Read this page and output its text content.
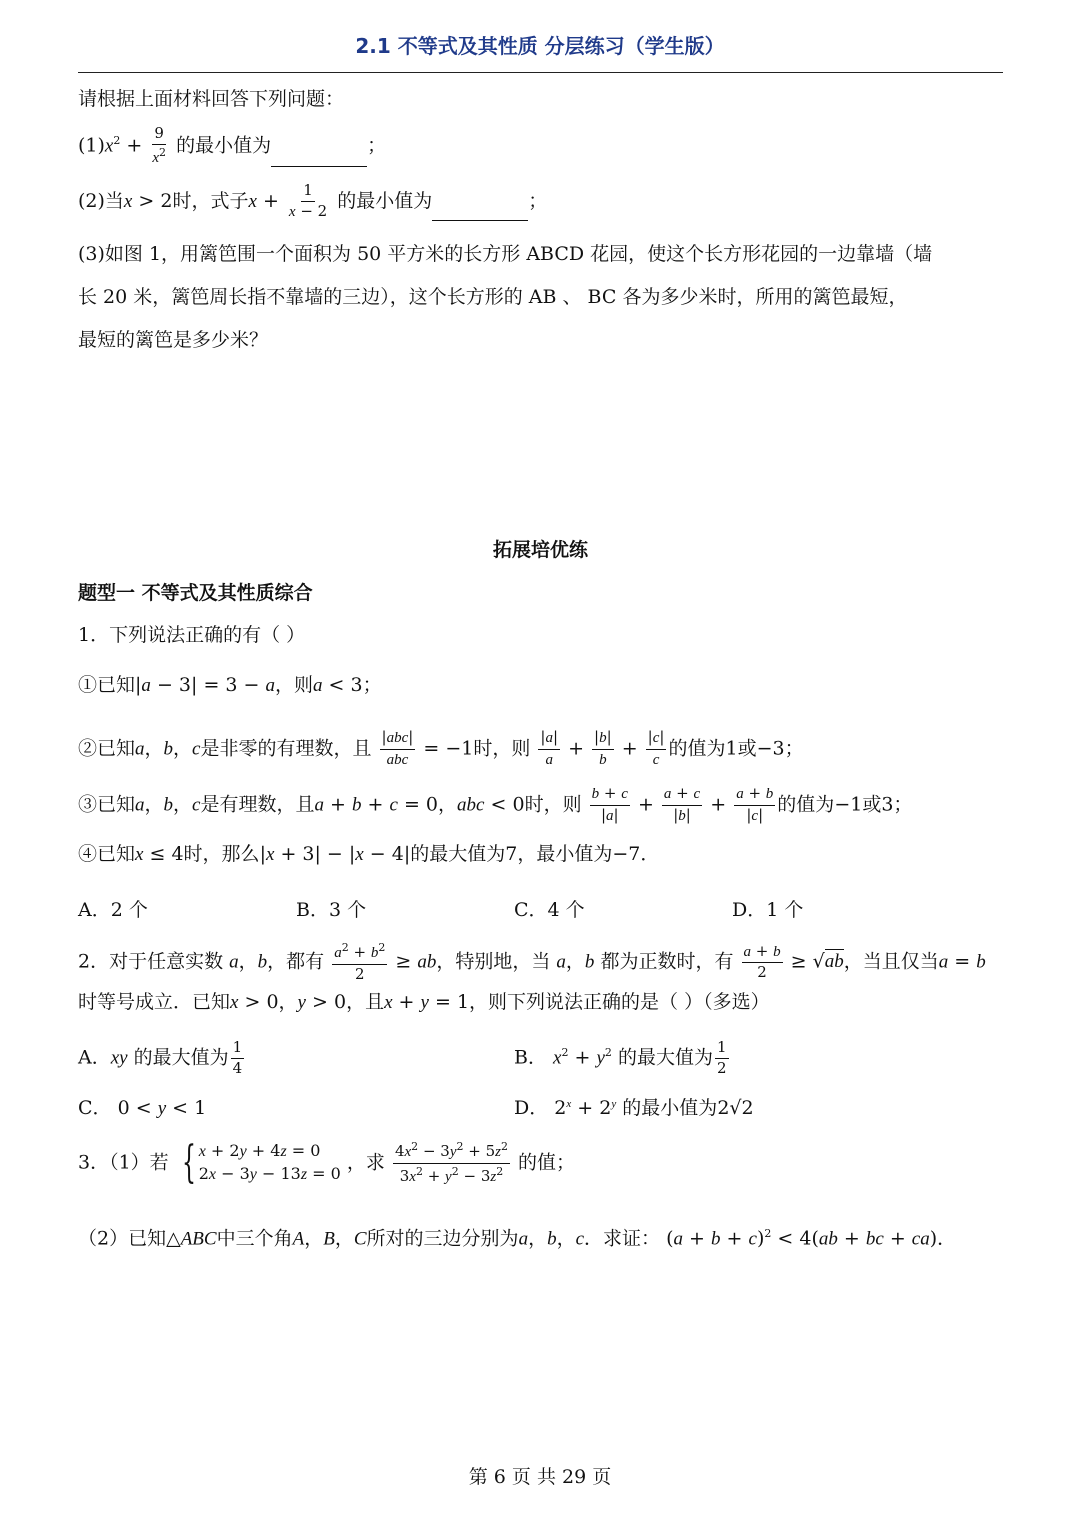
2.1 不等式及其性质 分层练习（学生版）
请根据上面材料回答下列问题：
$(1)x^2 + \frac{9}{x^2}$ 的最小值为	；
(2)当x > 2时，式子$x + \frac{1}{x - 2}$ 的最小值为	；
(3)如图 1，用篱笆围一个面积为 50 平方米的长方形 ABCD 花园，使这个长方形花园的一边靠墙（墙
长 20 米，篱笆周长指不靠墙的三边），这个长方形的 AB 、 BC 各为多少米时，所用的篱笆最短，
最短的篱笆是多少米？
拓展培优练
题型一 不等式及其性质综合
1．下列说法正确的有（ ）
①已知|a − 3| = 3 − a，则a < 3；
②已知a，b，c是非零的有理数，且
|abc|
abc
= −1时，则 $\frac{|a|}{a} + \frac{|b|}{b} + \frac{|c|}{c}$ 的值为1或−3；
③已知a，b，c是有理数，且a + b + c = 0，abc < 0时，则 $\frac{b + c}{|a|} + \frac{a + c}{|b|} + \frac{a + b}{|c|}$ 的值为−1或3；
④已知x ≤ 4时，那么|x + 3| − |x − 4|的最大值为7，最小值为−7．
A．2 个	B．3 个	C．4 个	D．1 个
2．对于任意实数 a，b，都有 $\frac{a^2 + b^2}{2}$ ≥ ab，特别地，当 a，b 都为正数时，有 $\frac{a + b}{2} \ge √ab$，当且仅当a = b
时等号成立．已知x > 0，y > 0，且x + y = 1，则下列说法正确的是（ ）（多选）
A．xy 的最大值为 $\frac{1}{4}$	B． $x^2 + y^2$ 的最大值为 $\frac{1}{2}$
C． 0 < y < 1	D． $2^x + 2^y$ 的最小值为2√2
3．（1）若 { x + 2y + 4z = 0
2x − 3y − 13z = 0
，求 $\frac{4x^2 - 3y^2 + 5z^2}{3x^2 + y^2 - 3z^2}$ 的值；
（2）已知△ABC中三个角A，B，C所对的三边分别为a，b，c．求证： $(a + b + c)^2 < 4(ab$ + bc + ca)．
第 6 页 共 29 页
